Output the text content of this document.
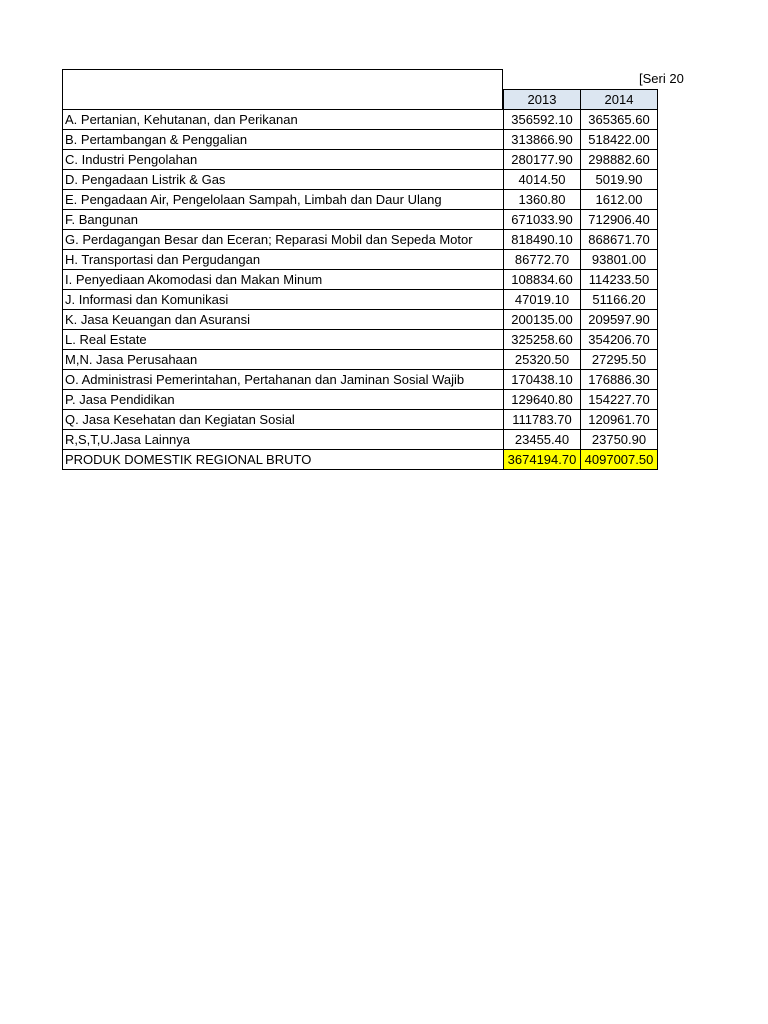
[Seri 20
	2013	2014
A. Pertanian, Kehutanan, dan Perikanan	356592.10	365365.60
B. Pertambangan & Penggalian	313866.90	518422.00
C. Industri Pengolahan	280177.90	298882.60
D. Pengadaan Listrik & Gas	4014.50	5019.90
E. Pengadaan Air, Pengelolaan Sampah, Limbah dan Daur Ulang	1360.80	1612.00
F. Bangunan	671033.90	712906.40
G. Perdagangan Besar dan Eceran; Reparasi Mobil dan Sepeda Motor	818490.10	868671.70
H. Transportasi dan Pergudangan	86772.70	93801.00
I. Penyediaan Akomodasi dan Makan Minum	108834.60	114233.50
J. Informasi dan Komunikasi	47019.10	51166.20
K. Jasa Keuangan dan Asuransi	200135.00	209597.90
L. Real Estate	325258.60	354206.70
M,N. Jasa Perusahaan	25320.50	27295.50
O. Administrasi Pemerintahan, Pertahanan dan Jaminan Sosial Wajib	170438.10	176886.30
P. Jasa Pendidikan	129640.80	154227.70
Q. Jasa Kesehatan dan Kegiatan Sosial	111783.70	120961.70
R,S,T,U.Jasa Lainnya	23455.40	23750.90
PRODUK DOMESTIK REGIONAL BRUTO	3674194.70	4097007.50
